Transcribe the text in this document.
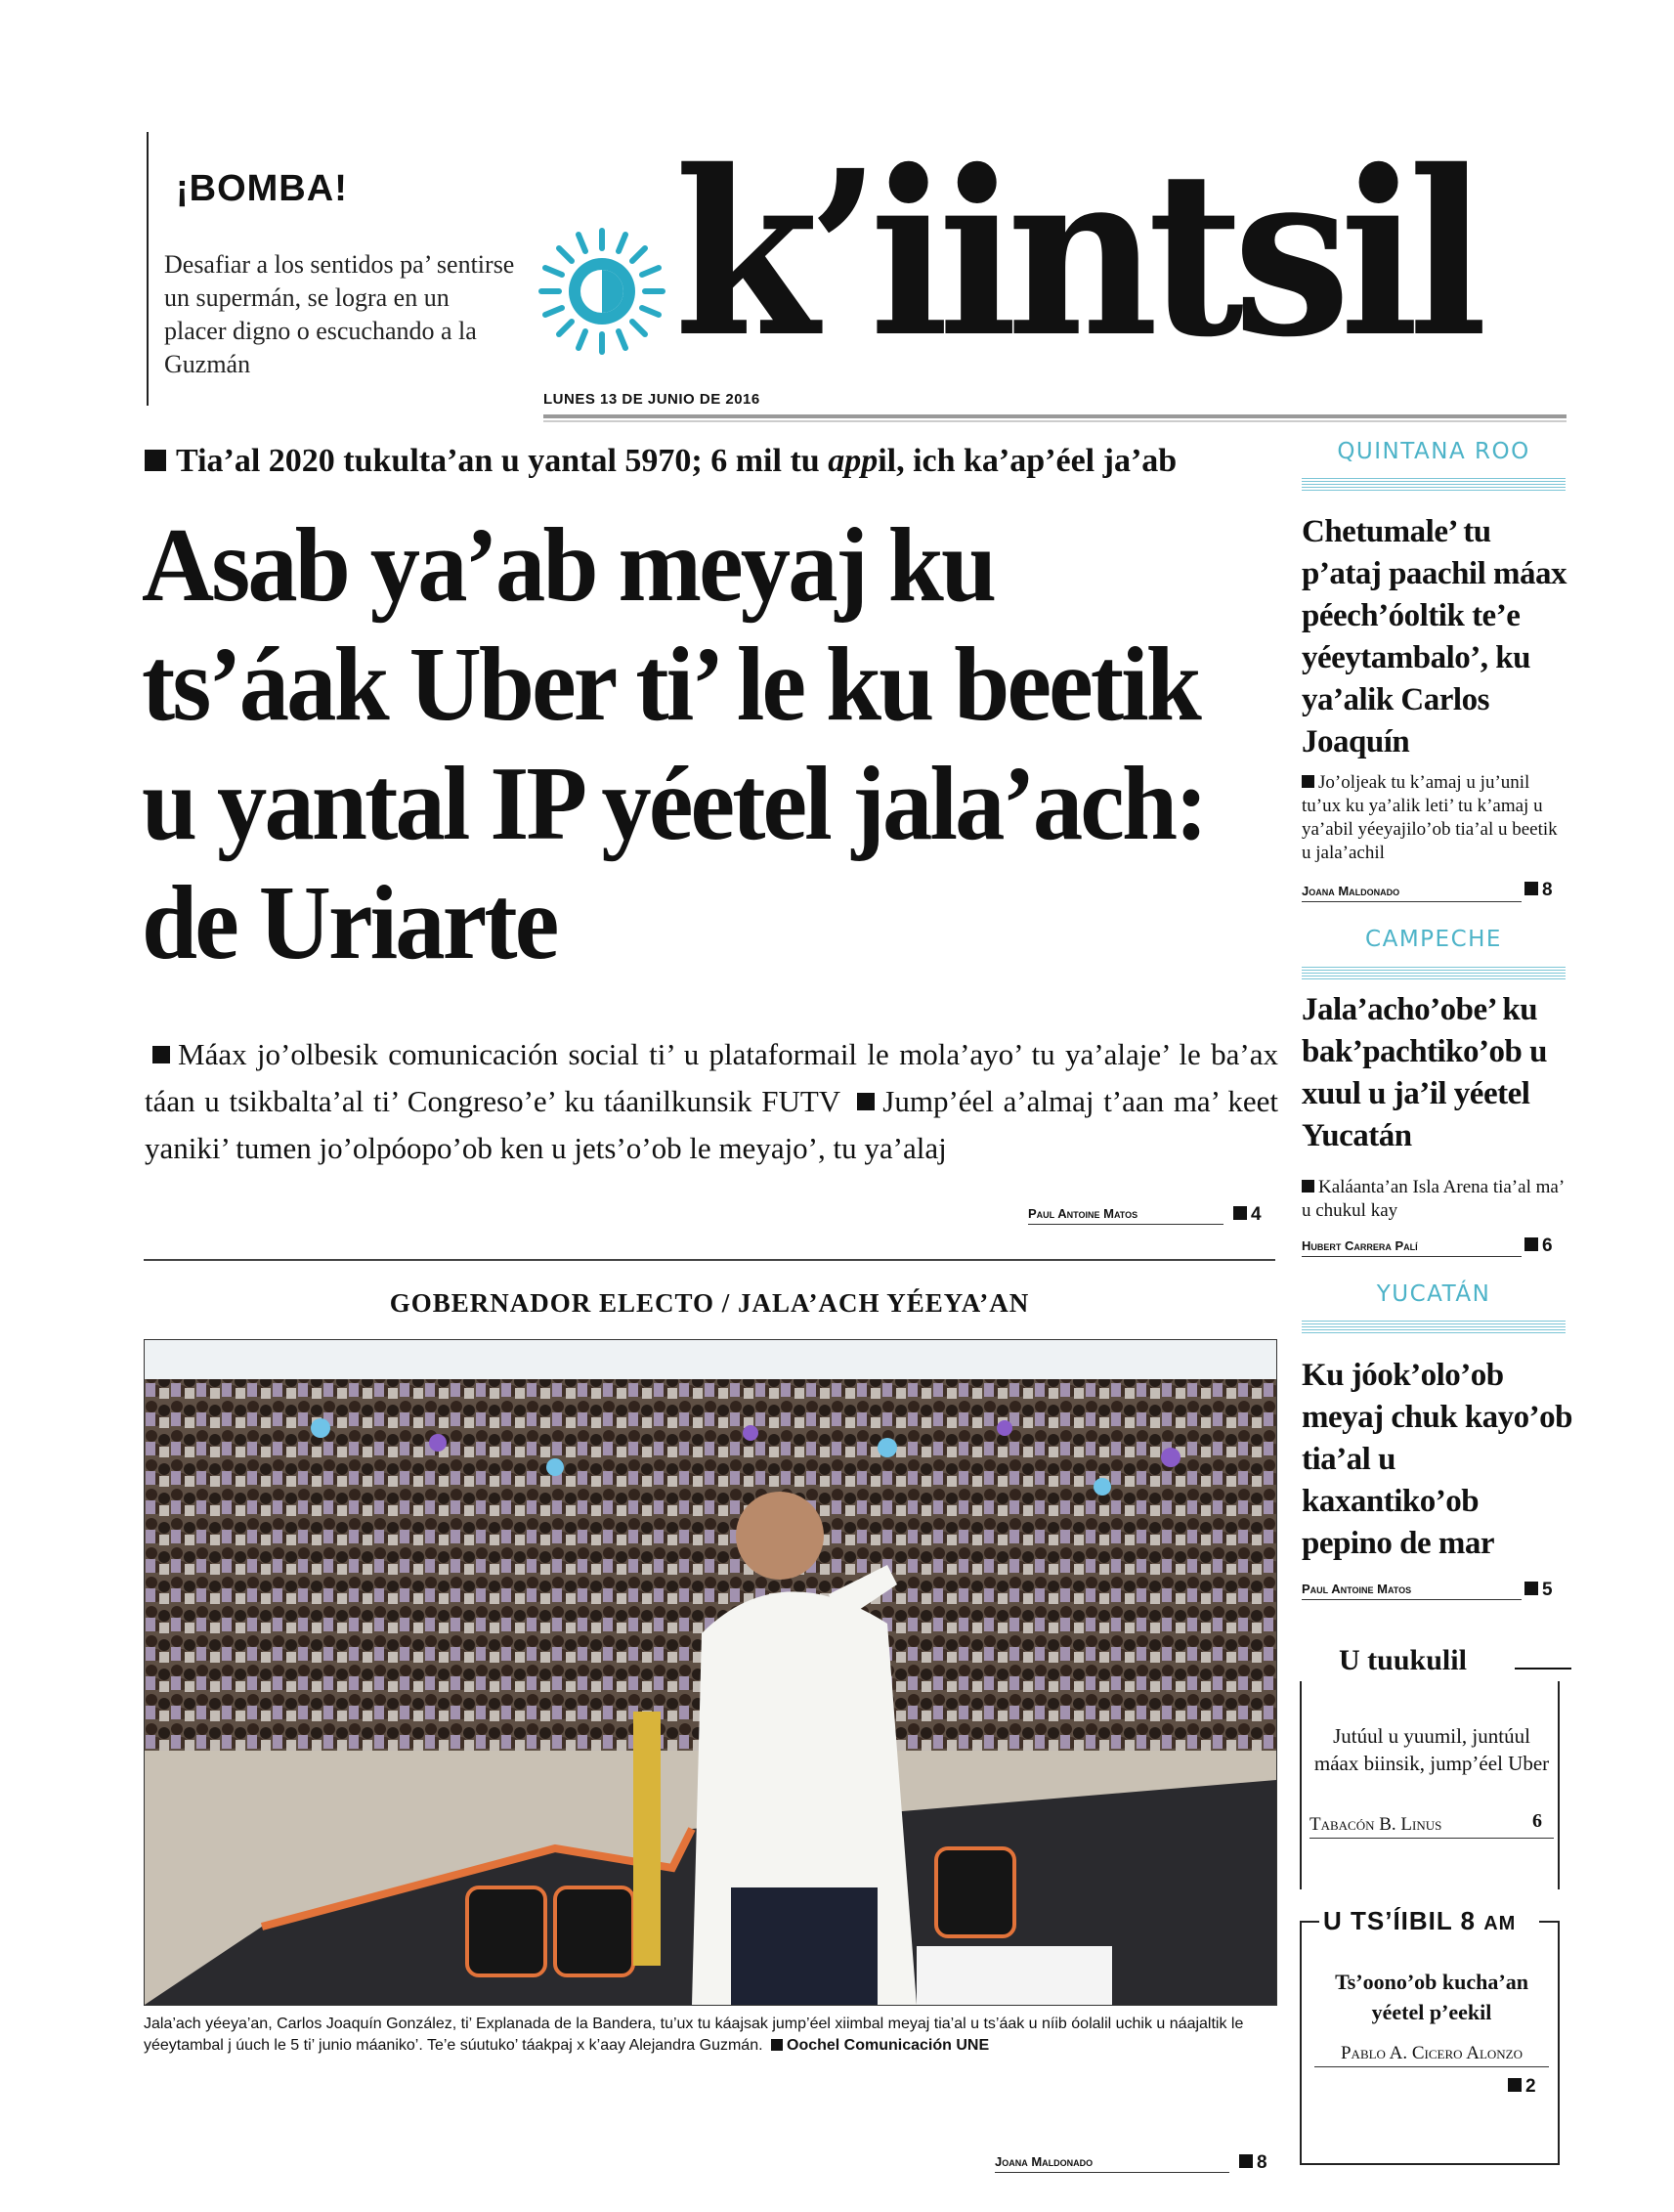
¡BOMBA!
Desafiar a los sentidos pa’ sentirse un supermán, se logra en un placer digno o escuchando a la Guzmán	k’iintsil
LUNES 13 DE JUNIO DE 2016
Tia’al 2020 tukulta’an u yantal 5970; 6 mil tu appil, ich ka’ap’éel ja’ab
Asab ya’ab meyaj ku ts’áak Uber ti’ le ku beetik u yantal IP yéetel jala’ach: de Uriarte
Máax jo’olbesik comunicación social ti’ u plataformail le mola’ayo’ tu ya’alaje’ le ba’ax táan u tsikbalta’al ti’ Congreso’e’ ku táanilkunsik FUTV Jump’éel a’almaj t’aan ma’ keet yaniki’ tumen jo’olpóopo’ob ken u jets’o’ob le meyajo’, tu ya’alaj
Paul Antoine Matos	4
GOBERNADOR ELECTO / JALA’ACH YÉEYA’AN
Jala’ach yéeya’an, Carlos Joaquín González, ti’ Explanada de la Bandera, tu’ux tu káajsak jump’éel xiimbal meyaj tia’al u ts’áak u níib óolalil uchik u náajaltik le yéeytambal j úuch le 5 ti’ junio máaniko’. Te’e súutuko’ táakpaj x k’aay Alejandra Guzmán. Oochel Comunicación UNE
Joana Maldonado	8
QUINTANA ROO
Chetumale’ tu p’ataj paachil máax péech’óoltik te’e yéeytambalo’, ku ya’alik Carlos Joaquín
Jo’oljeak tu k’amaj u ju’unil tu’ux ku ya’alik leti’ tu k’amaj u ya’abil yéeyajilo’ob tia’al u beetik u jala’achil
Joana Maldonado	8
CAMPECHE
Jala’acho’obe’ ku bak’pachtiko’ob u xuul u ja’il yéetel Yucatán
Kaláanta’an Isla Arena tia’al ma’ u chukul kay
Hubert Carrera Palí	6
YUCATÁN
Ku jóok’olo’ob meyaj chuk kayo’ob tia’al u kaxantiko’ob pepino de mar
Paul Antoine Matos	5
U tuukulil
Jutúul u yuumil, juntúul máax biinsik, jump’éel Uber
Tabacón B. Linus	6
U TS’ÍIBIL 8 AM
Ts’oono’ob kucha’an yéetel p’eekil
Pablo A. Cicero Alonzo
2
